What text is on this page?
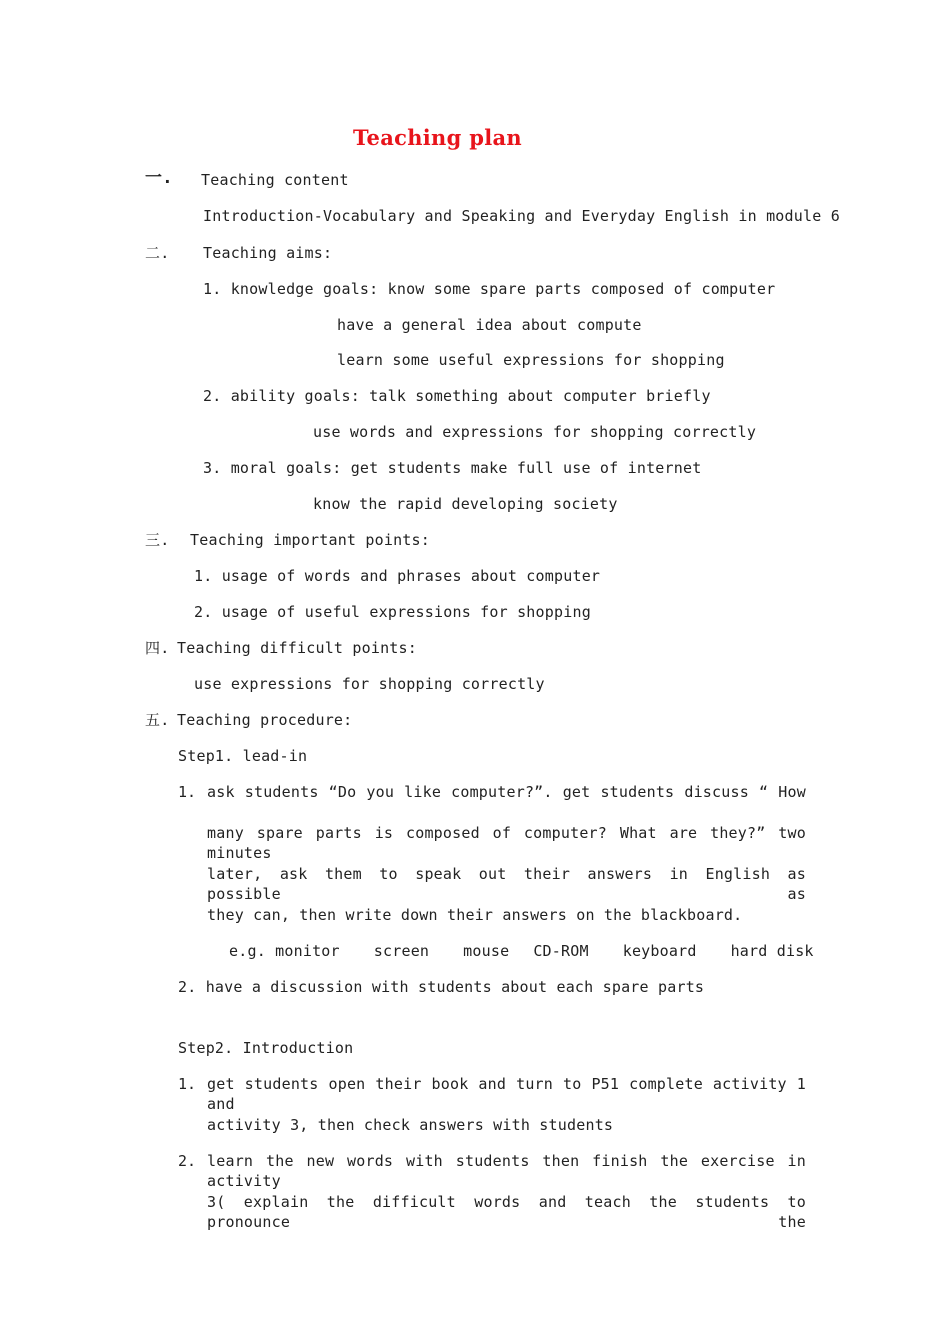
Teaching plan
一. Teaching content
Introduction-Vocabulary and Speaking and Everyday English in module 6
二. Teaching aims:
1. knowledge goals: know some spare parts composed of computer
have a general idea about compute
learn some useful expressions for shopping
2. ability goals: talk something about computer briefly
use words and expressions for shopping correctly
3. moral goals: get students make full use of internet
know the rapid developing society
三. Teaching important points:
1. usage of words and phrases about computer
2. usage of useful expressions for shopping
四. Teaching difficult points:
use expressions for shopping correctly
五. Teaching procedure:
Step1. lead-in
1. ask students “Do you like computer?”. get students discuss “ How
many spare parts is composed of computer? What are they?” two minutes
later, ask them to speak out their answers in English as possible as
they can, then write down their answers on the blackboard.
e.g. monitor screen mouse CD-ROM keyboard hard disk
2. have a discussion with students about each spare parts
Step2. Introduction
1. get students open their book and turn to P51 complete activity 1 and
activity 3, then check answers with students
2. learn the new words with students then finish the exercise in activity
3( explain the difficult words and teach the students to pronounce the
